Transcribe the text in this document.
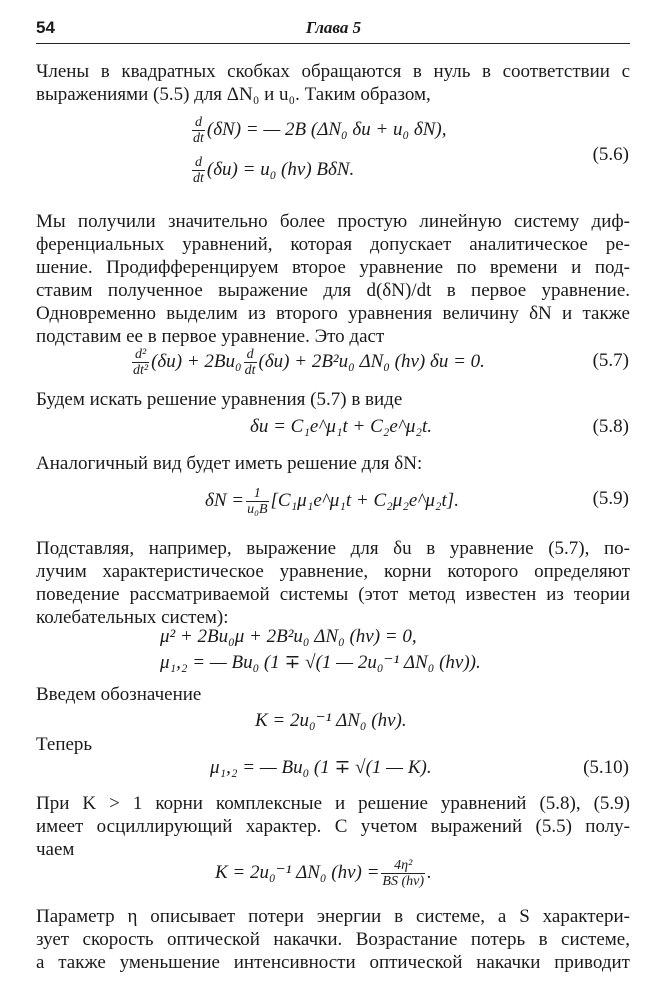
54	Глава 5
Члены в квадратных скобках обращаются в нуль в соответствии с
выражениями (5.5) для ΔN₀ и u₀. Таким образом,
$\frac{d}{dt} (\delta N)$ = — 2B (ΔN₀ δu + u₀ δN),
$\frac{d}{dt} (\delta u) = u_0$ (hν) BδN.
(5.6)
Мы получили значительно более простую линейную систему диф-
ференциальных уравнений, которая допускает аналитическое ре-
шение. Продифференцируем второе уравнение по времени и под-
ставим полученное выражение для d(δN)/dt в первое уравнение.
Одновременно выделим из второго уравнения величину δN и также
подставим ее в первое уравнение. Это даст
$\frac{\text{d²}}{\text{dt²}} (\delta u) + 2Bu_0 \frac{d}{dt} (\delta u) + 2B^2u_0$ ΔN₀ (hν) δu = 0.	(5.7)
Будем искать решение уравнения (5.7) в виде
δu = C₁e^μ₁t + C₂e^μ₂t.	(5.8)
Аналогичный вид будет иметь решение для δN:
$\delta N = \frac{1}{\text{u₀B}}$ [C₁μ₁e^μ₁t + C₂μ₂e^μ₂t].	(5.9)
Подставляя, например, выражение для δu в уравнение (5.7), по-
лучим характеристическое уравнение, корни которого определяют
поведение рассматриваемой системы (этот метод известен из теории
колебательных систем):
μ² + 2Bu₀μ + 2B²u₀ ΔN₀ (hν) = 0,
μ₁,₂ = — Bu₀ (1 ∓ √(1 — 2u₀⁻¹ ΔN₀ (hν)).
Введем обозначение
K = 2u₀⁻¹ ΔN₀ (hν).
Теперь
μ₁,₂ = — Bu₀ (1 ∓ √(1 — K).	(5.10)
При K > 1 корни комплексные и решение уравнений (5.8), (5.9)
имеет осциллирующий характер. С учетом выражений (5.5) полу-
чаем
K = 2u₀⁻¹ ΔN₀ $(h\nu) = \frac{\text{4η²}}{BS (h\nu)}$ .
Параметр η описывает потери энергии в системе, а S характери-
зует скорость оптической накачки. Возрастание потерь в системе,
а также уменьшение интенсивности оптической накачки приводит
